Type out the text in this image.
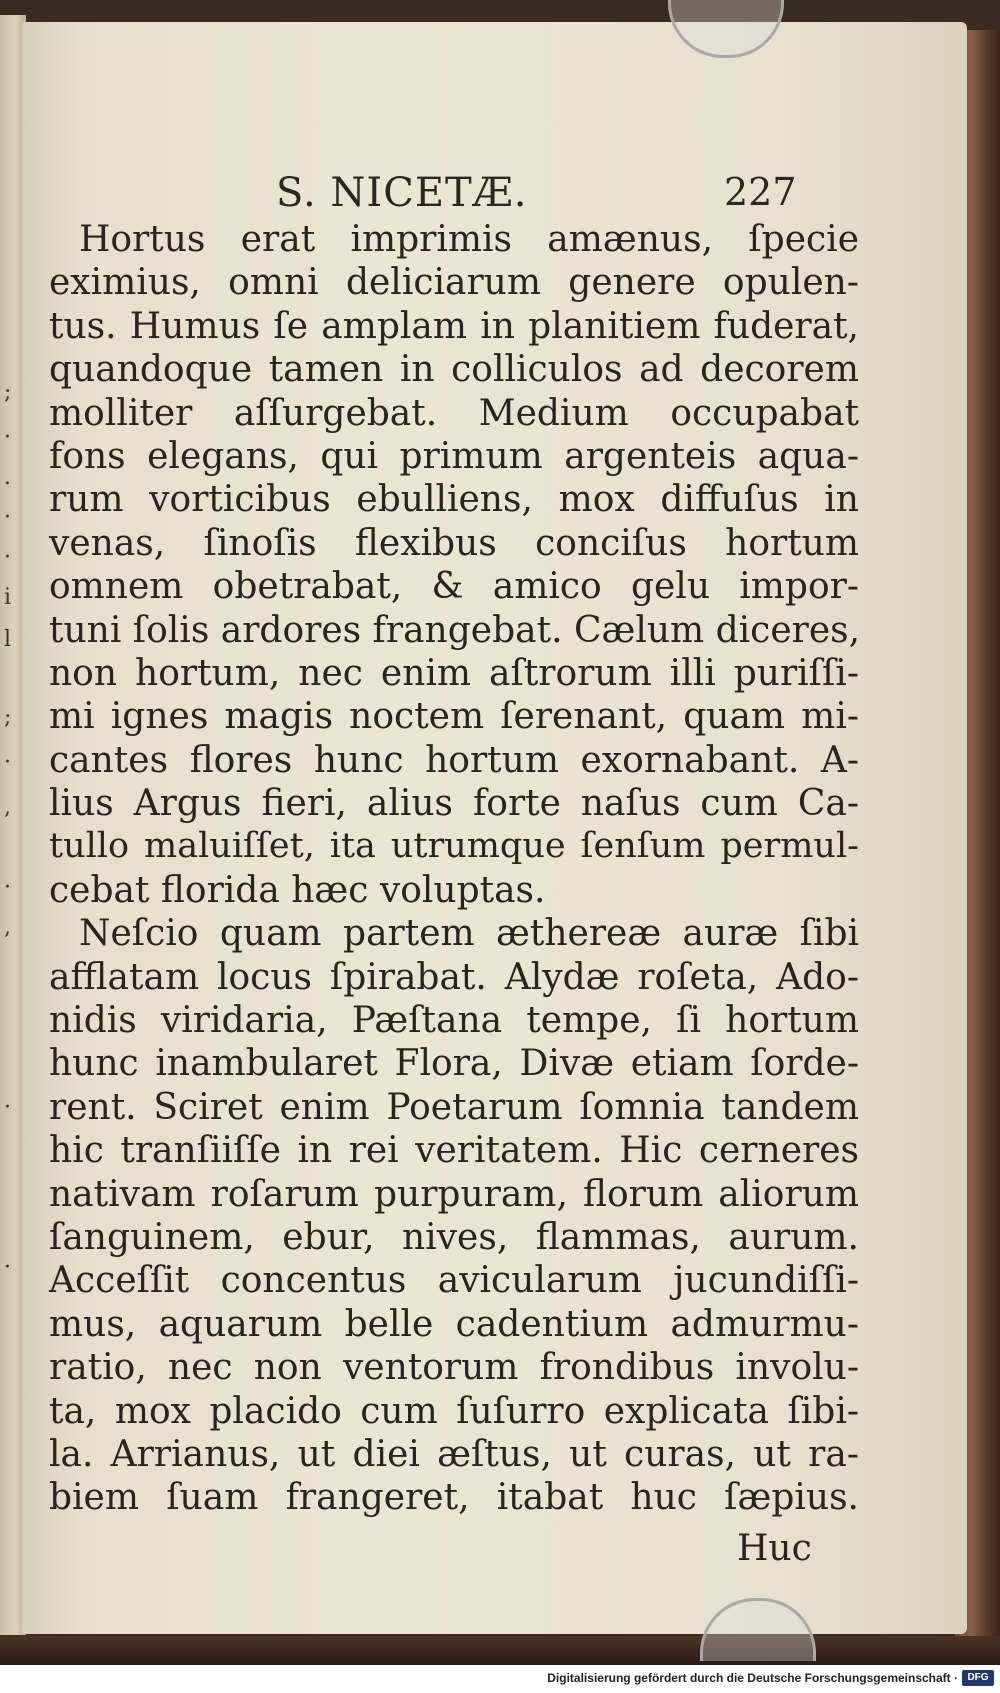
;
·
.
·
·
i
l
;
·
,
·
,
·
·
S. NICETÆ.	227
Hortus erat imprimis amænus, ſpecie
eximius, omni deliciarum genere opulen-
tus. Humus ſe amplam in planitiem fuderat,
quandoque tamen in colliculos ad decorem
molliter aſſurgebat. Medium occupabat
fons elegans, qui primum argenteis aqua-
rum vorticibus ebulliens, mox diffuſus in
venas, ſinoſis flexibus conciſus hortum
omnem obetrabat, & amico gelu impor-
tuni ſolis ardores frangebat. Cælum diceres,
non hortum, nec enim aſtrorum illi puriſſi-
mi ignes magis noctem ſerenant, quam mi-
cantes flores hunc hortum exornabant. A-
lius Argus fieri, alius forte naſus cum Ca-
tullo maluiſſet, ita utrumque ſenſum permul-
cebat florida hæc voluptas.
Neſcio quam partem æthereæ auræ ſibi
afflatam locus ſpirabat. Alydæ roſeta, Ado-
nidis viridaria, Pæſtana tempe, ſi hortum
hunc inambularet Flora, Divæ etiam ſorde-
rent. Sciret enim Poetarum ſomnia tandem
hic tranſiiſſe in rei veritatem. Hic cerneres
nativam roſarum purpuram, florum aliorum
ſanguinem, ebur, nives, flammas, aurum.
Acceſſit concentus avicularum jucundiſſi-
mus, aquarum belle cadentium admurmu-
ratio, nec non ventorum frondibus involu-
ta, mox placido cum ſuſurro explicata ſibi-
la. Arrianus, ut diei æſtus, ut curas, ut ra-
biem ſuam frangeret, itabat huc ſæpius.
Huc
Digitalisierung gefördert durch die Deutsche Forschungsgemeinschaft · DFG
